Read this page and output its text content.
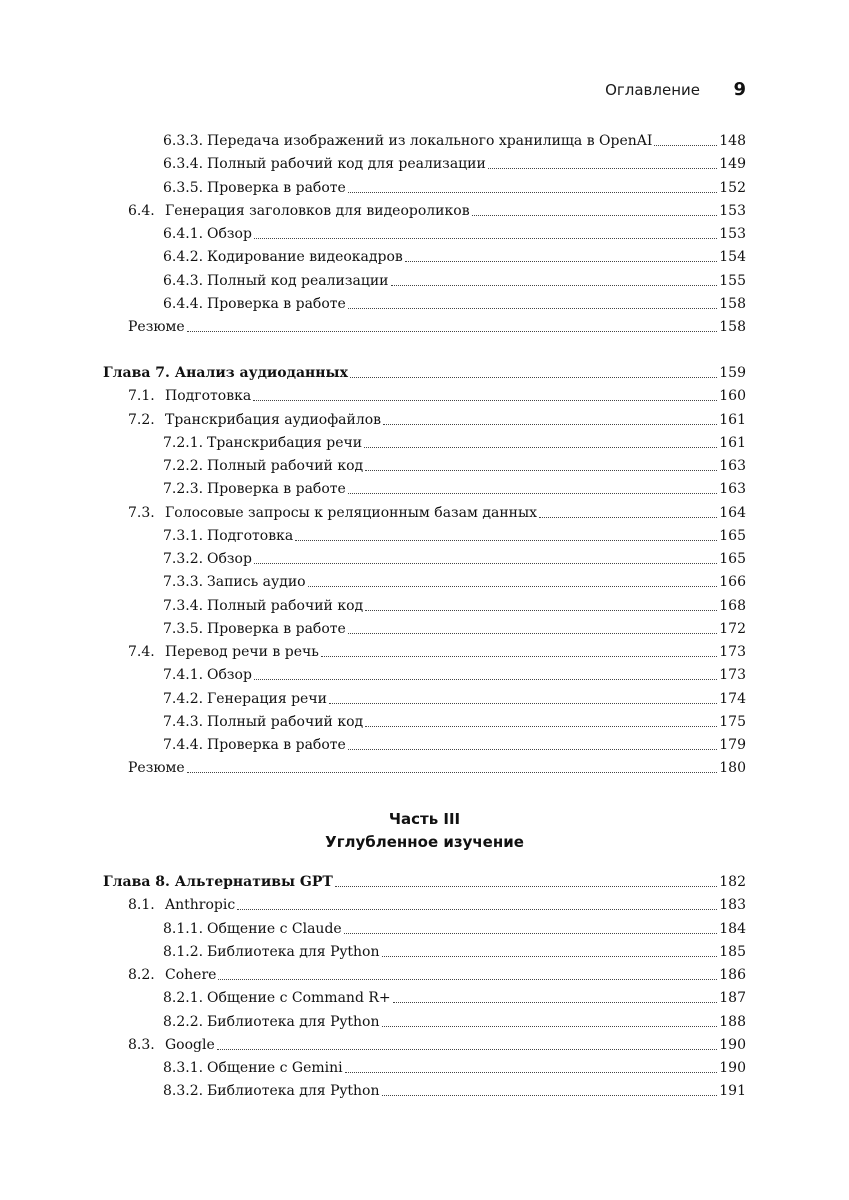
Оглавление 9
6.3.3. Передача изображений из локального хранилища в OpenAI	148
6.3.4. Полный рабочий код для реализации	149
6.3.5. Проверка в работе	152
6.4. Генерация заголовков для видеороликов	153
6.4.1. Обзор	153
6.4.2. Кодирование видеокадров	154
6.4.3. Полный код реализации	155
6.4.4. Проверка в работе	158
Резюме	158
Глава 7. Анализ аудиоданных	159
7.1. Подготовка	160
7.2. Транскрибация аудиофайлов	161
7.2.1. Транскрибация речи	161
7.2.2. Полный рабочий код	163
7.2.3. Проверка в работе	163
7.3. Голосовые запросы к реляционным базам данных	164
7.3.1. Подготовка	165
7.3.2. Обзор	165
7.3.3. Запись аудио	166
7.3.4. Полный рабочий код	168
7.3.5. Проверка в работе	172
7.4. Перевод речи в речь	173
7.4.1. Обзор	173
7.4.2. Генерация речи	174
7.4.3. Полный рабочий код	175
7.4.4. Проверка в работе	179
Резюме	180
Глава 8. Альтернативы GPT	182
8.1. Anthropic	183
8.1.1. Общение с Claude	184
8.1.2. Библиотека для Python	185
8.2. Cohere	186
8.2.1. Общение с Command R+	187
8.2.2. Библиотека для Python	188
8.3. Google	190
8.3.1. Общение с Gemini	190
8.3.2. Библиотека для Python	191
Часть III
Углубленное изучение
